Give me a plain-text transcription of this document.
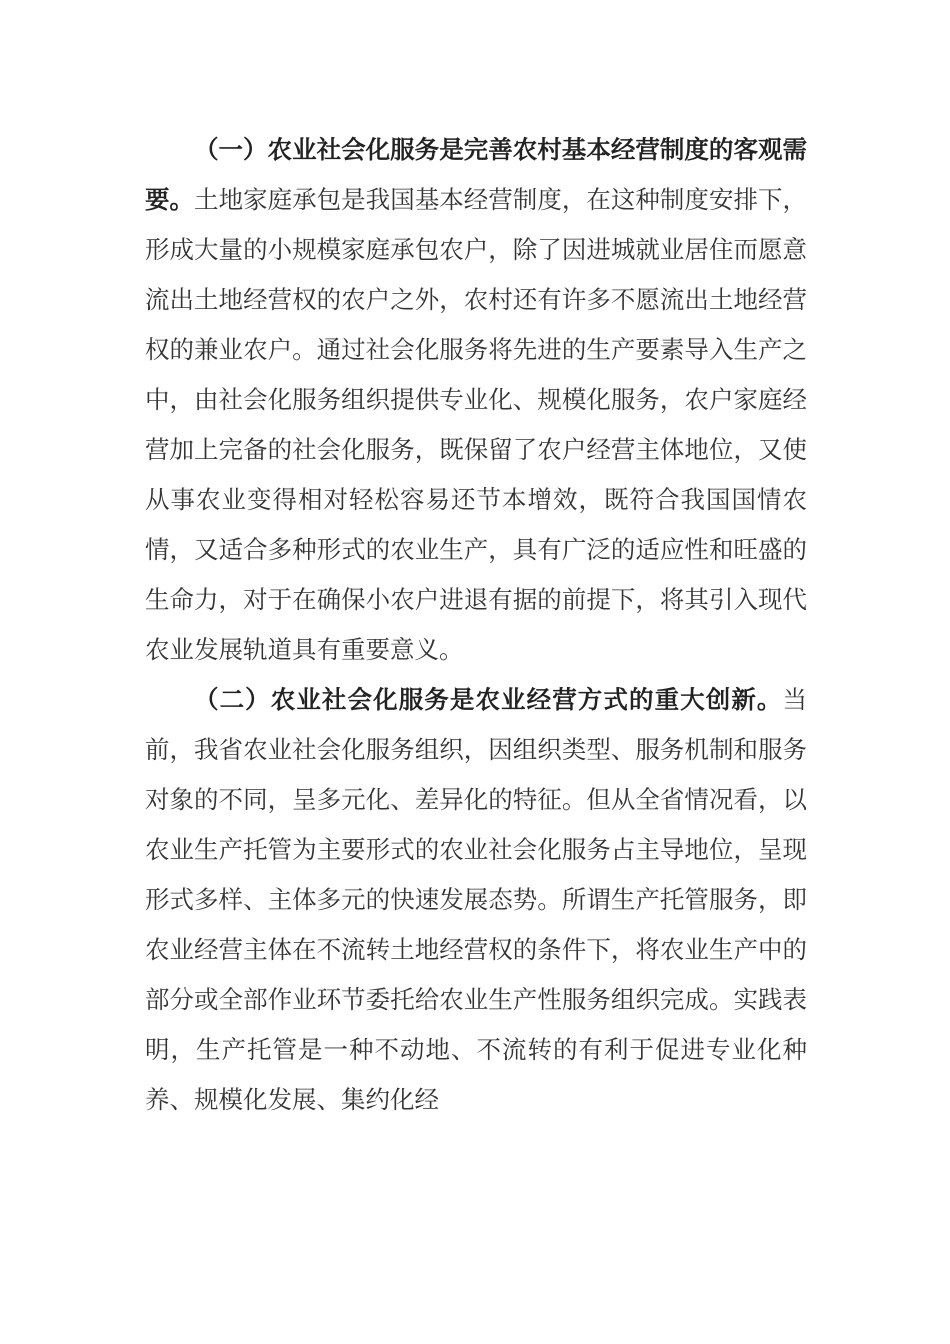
（一）农业社会化服务是完善农村基本经营制度的客观需要。土地家庭承包是我国基本经营制度，在这种制度安排下，形成大量的小规模家庭承包农户，除了因进城就业居住而愿意流出土地经营权的农户之外，农村还有许多不愿流出土地经营权的兼业农户。通过社会化服务将先进的生产要素导入生产之中，由社会化服务组织提供专业化、规模化服务，农户家庭经营加上完备的社会化服务，既保留了农户经营主体地位，又使从事农业变得相对轻松容易还节本增效，既符合我国国情农情，又适合多种形式的农业生产，具有广泛的适应性和旺盛的生命力，对于在确保小农户进退有据的前提下，将其引入现代农业发展轨道具有重要意义。

（二）农业社会化服务是农业经营方式的重大创新。当前，我省农业社会化服务组织，因组织类型、服务机制和服务对象的不同，呈多元化、差异化的特征。但从全省情况看，以农业生产托管为主要形式的农业社会化服务占主导地位，呈现形式多样、主体多元的快速发展态势。所谓生产托管服务，即农业经营主体在不流转土地经营权的条件下，将农业生产中的部分或全部作业环节委托给农业生产性服务组织完成。实践表明，生产托管是一种不动地、不流转的有利于促进专业化种养、规模化发展、集约化经
